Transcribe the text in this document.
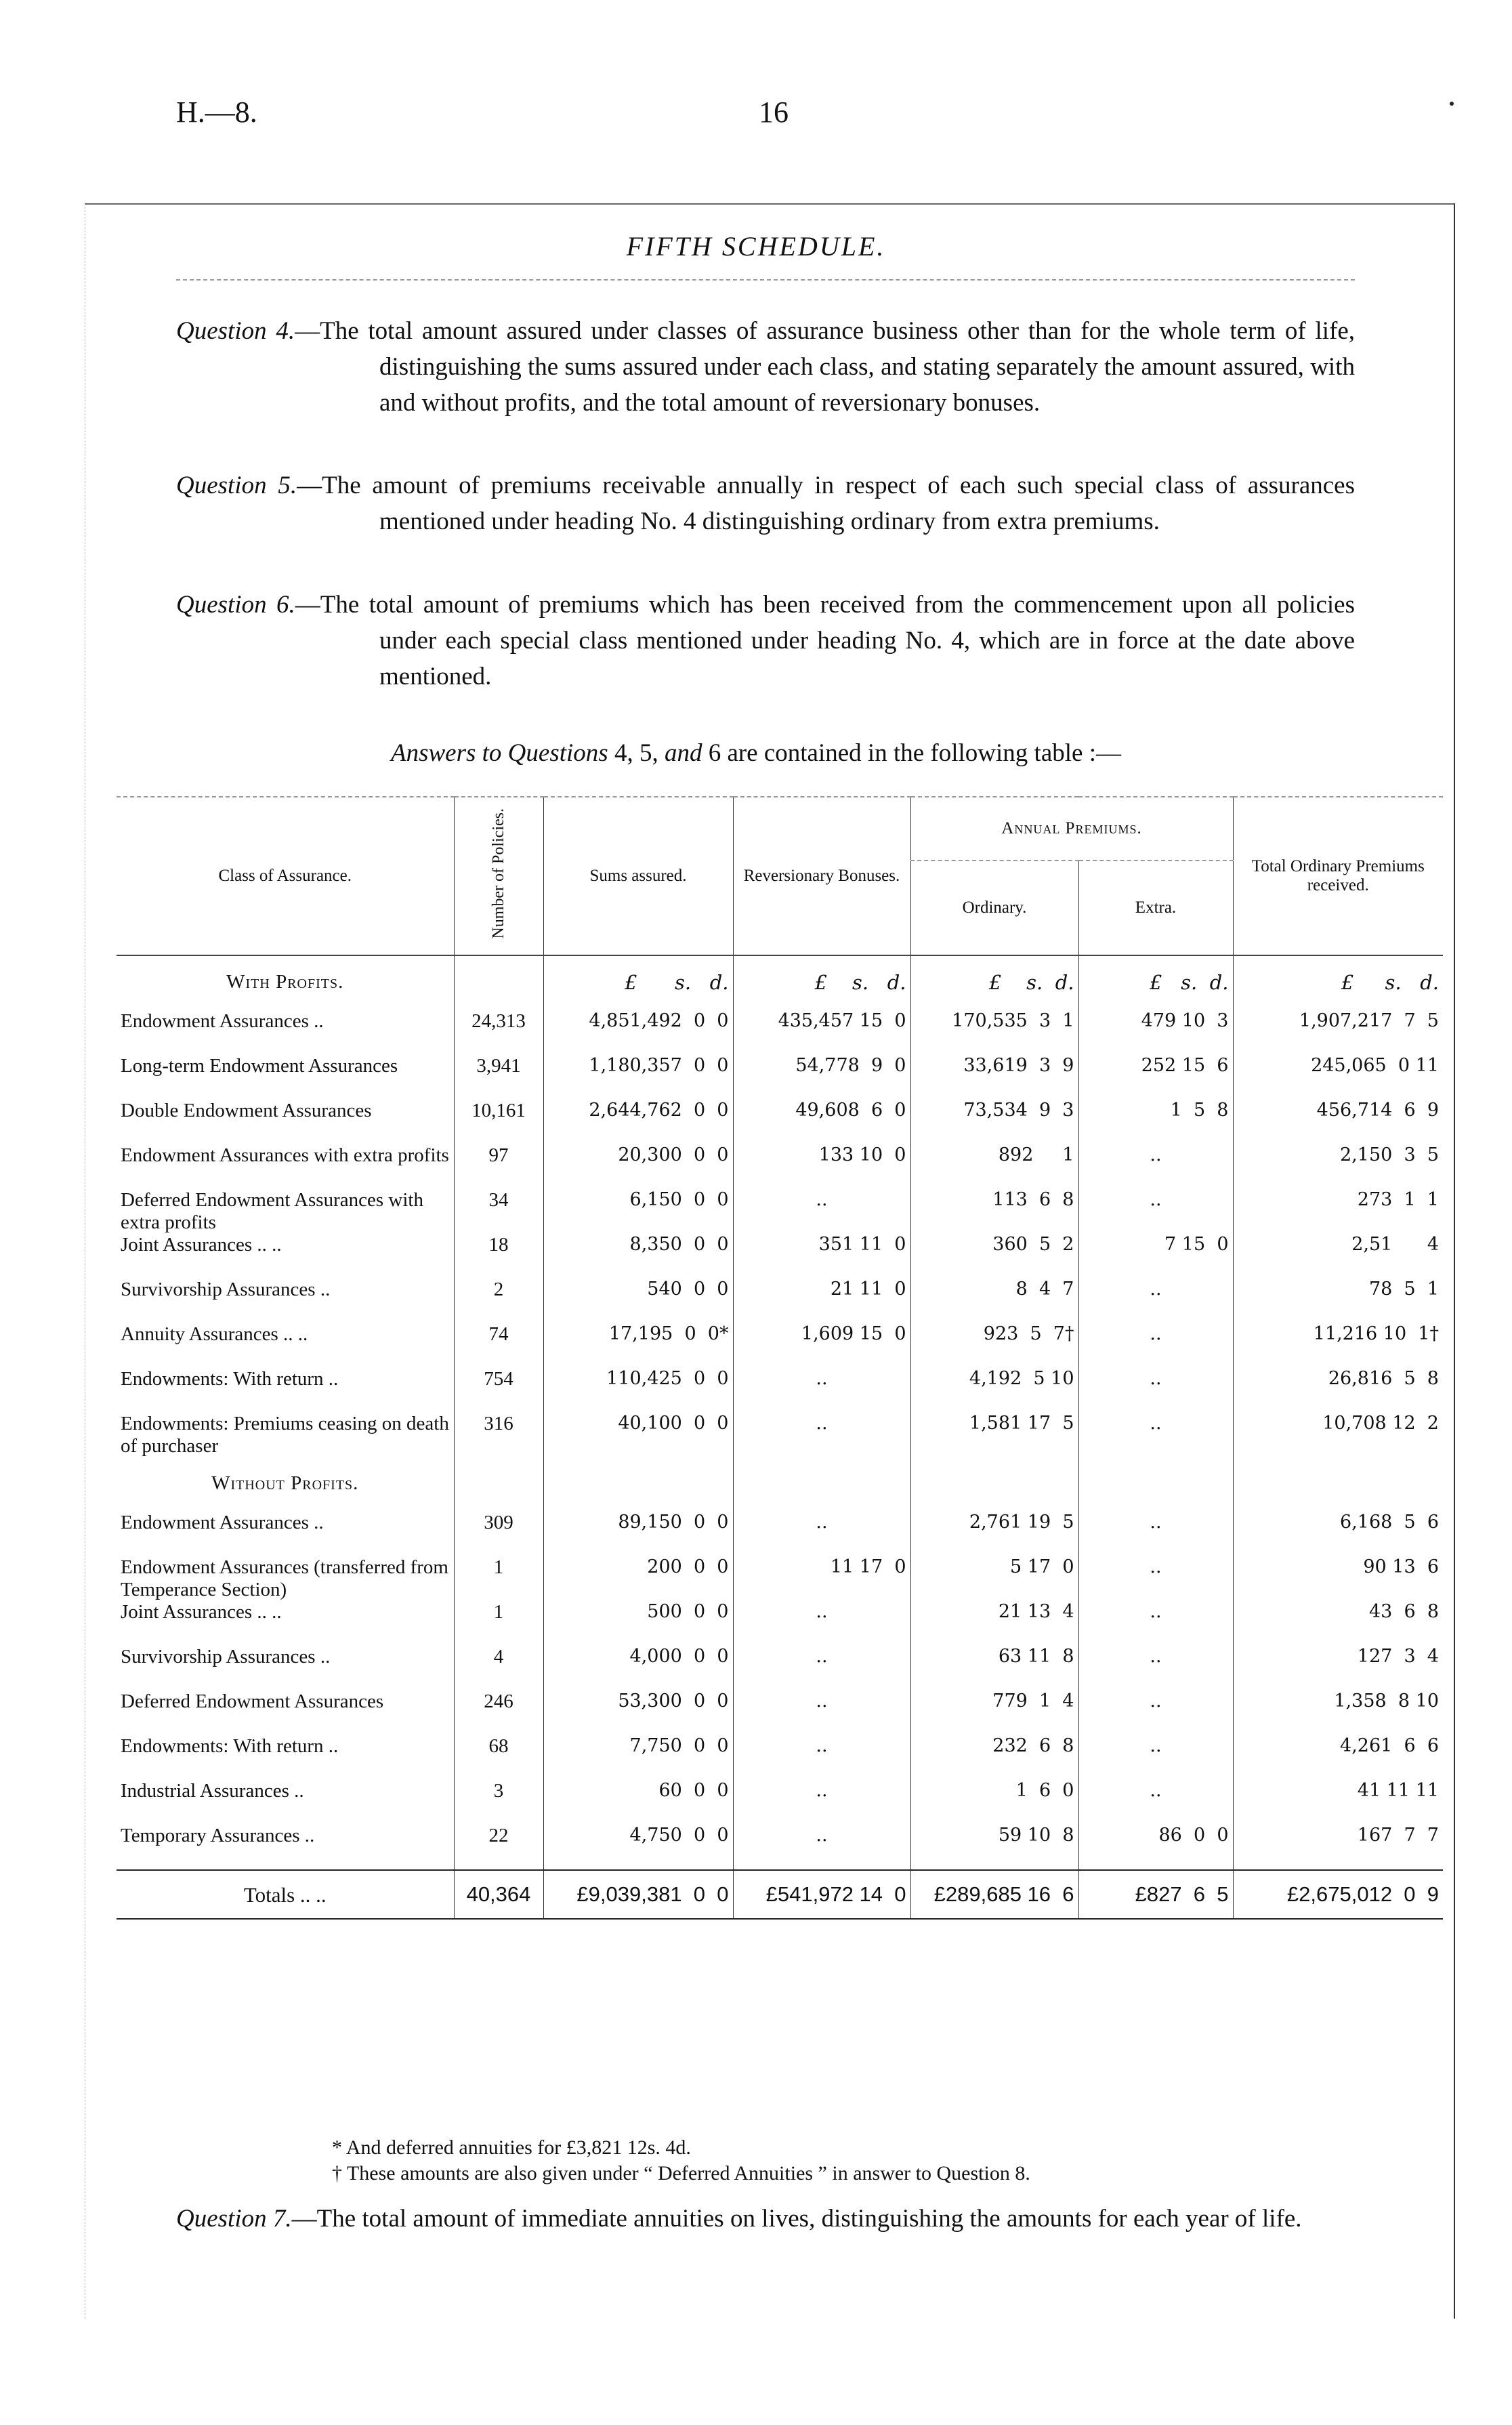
H.—8.	16
FIFTH SCHEDULE.
Question 4.—The total amount assured under classes of assurance business other than for the whole term of life, distinguishing the sums assured under each class, and stating separately the amount assured, with and without profits, and the total amount of reversionary bonuses.
Question 5.—The amount of premiums receivable annually in respect of each such special class of assurances mentioned under heading No. 4 distinguishing ordinary from extra premiums.
Question 6.—The total amount of premiums which has been received from the commencement upon all policies under each special class mentioned under heading No. 4, which are in force at the date above mentioned.
Answers to Questions 4, 5, and 6 are contained in the following table :—
Class of Assurance.	Number of Policies.	Sums assured.	Reversionary Bonuses.	Annual Premiums.		Total Ordinary Premiums received.
				Ordinary.	Extra.	
With Profits.		£ s. d.	£ s. d.	£ s. d.	£ s. d.	£ s. d.
Endowment Assurances ..	24,313	4,851,492  0  0	435,457 15  0	170,535  3  1	479 10  3	1,907,217  7  5
Long-term Endowment Assurances	3,941	1,180,357  0  0	54,778  9  0	33,619  3  9	252 15  6	245,065  0 11
Double Endowment Assurances	10,161	2,644,762  0  0	49,608  6  0	73,534  9  3	1  5  8	456,714  6  9
Endowment Assurances with extra profits	97	20,300  0  0	133 10  0	892     1	..	2,150  3  5
Deferred Endowment Assurances with extra profits	34	6,150  0  0	..	113  6  8	..	273  1  1
Joint Assurances .. ..	18	8,350  0  0	351 11  0	360  5  2	7 15  0	2,51      4
Survivorship Assurances ..	2	540  0  0	21 11  0	8  4  7	..	78  5  1
Annuity Assurances .. ..	74	17,195  0  0*	1,609 15  0	923  5  7†	..	11,216 10  1†
Endowments: With return ..	754	110,425  0  0	..	4,192  5 10	..	26,816  5  8
Endowments: Premiums ceasing on death of purchaser	316	40,100  0  0	..	1,581 17  5	..	10,708 12  2
Without Profits.						
Endowment Assurances ..	309	89,150  0  0	..	2,761 19  5	..	6,168  5  6
Endowment Assurances (transferred from Temperance Section)	1	200  0  0	11 17  0	5 17  0	..	90 13  6
Joint Assurances .. ..	1	500  0  0	..	21 13  4	..	43  6  8
Survivorship Assurances ..	4	4,000  0  0	..	63 11  8	..	127  3  4
Deferred Endowment Assurances	246	53,300  0  0	..	779  1  4	..	1,358  8 10
Endowments: With return ..	68	7,750  0  0	..	232  6  8	..	4,261  6  6
Industrial Assurances ..	3	60  0  0	..	1  6  0	..	41 11 11
Temporary Assurances ..	22	4,750  0  0	..	59 10  8	86  0  0	167  7  7
Totals .. ..	40,364	£9,039,381  0  0	£541,972 14  0	£289,685 16  6	£827  6  5	£2,675,012  0  9
* And deferred annuities for £3,821 12s. 4d.
† These amounts are also given under “ Deferred Annuities ” in answer to Question 8.
Question 7.—The total amount of immediate annuities on lives, distinguishing the amounts for each year of life.
